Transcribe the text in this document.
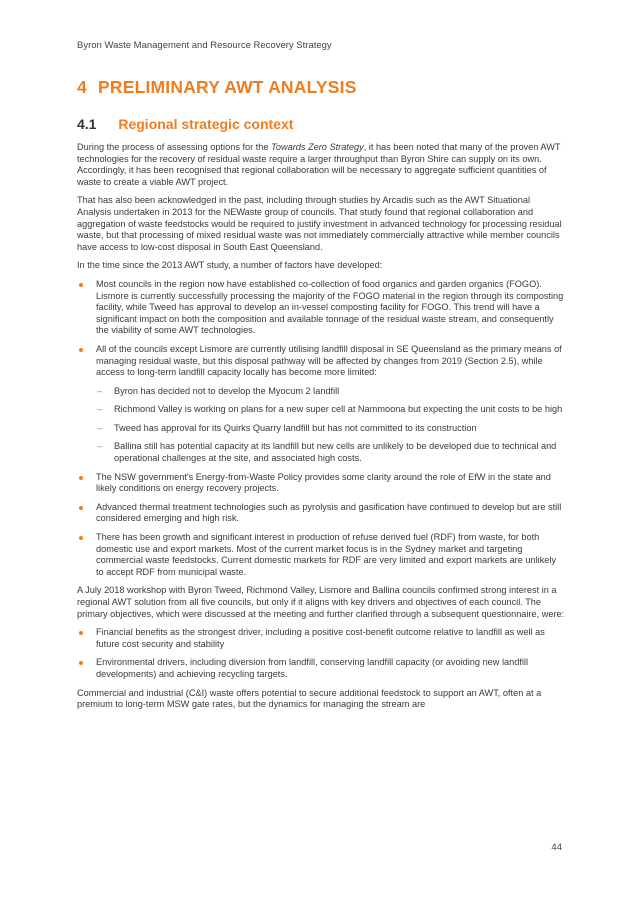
Byron Waste Management and Resource Recovery Strategy
4 PRELIMINARY AWT ANALYSIS
4.1 Regional strategic context

During the process of assessing options for the Towards Zero Strategy, it has been noted that many of the proven AWT technologies for the recovery of residual waste require a larger throughput than Byron Shire can supply on its own. Accordingly, it has been recognised that regional collaboration will be necessary to aggregate sufficient quantities of waste to create a viable AWT project.

That has also been acknowledged in the past, including through studies by Arcadis such as the AWT Situational Analysis undertaken in 2013 for the NEWaste group of councils. That study found that regional collaboration and aggregation of waste feedstocks would be required to justify investment in advanced technology for processing residual waste, but that processing of mixed residual waste was not immediately commercially attractive while member councils have access to low-cost disposal in South East Queensland.

In the time since the 2013 AWT study, a number of factors have developed:

Most councils in the region now have established co-collection of food organics and garden organics (FOGO). Lismore is currently successfully processing the majority of the FOGO material in the region through its composting facility, while Tweed has approval to develop an in-vessel composting facility for FOGO. This trend will have a significant impact on both the composition and available tonnage of the residual waste stream, and consequently the viability of some AWT technologies.
All of the councils except Lismore are currently utilising landfill disposal in SE Queensland as the primary means of managing residual waste, but this disposal pathway will be affected by changes from 2019 (Section 2.5), while access to long-term landfill capacity locally has become more limited:
– Byron has decided not to develop the Myocum 2 landfill
– Richmond Valley is working on plans for a new super cell at Nammoona but expecting the unit costs to be high
– Tweed has approval for its Quirks Quarry landfill but has not committed to its construction
– Ballina still has potential capacity at its landfill but new cells are unlikely to be developed due to technical and operational challenges at the site, and associated high costs.
The NSW government's Energy-from-Waste Policy provides some clarity around the role of EfW in the state and likely conditions on energy recovery projects.
Advanced thermal treatment technologies such as pyrolysis and gasification have continued to develop but are still considered emerging and high risk.
There has been growth and significant interest in production of refuse derived fuel (RDF) from waste, for both domestic use and export markets. Most of the current market focus is in the Sydney market and targeting commercial waste feedstocks. Current domestic markets for RDF are very limited and export markets are unlikely to accept RDF from municipal waste.

A July 2018 workshop with Byron Tweed, Richmond Valley, Lismore and Ballina councils confirmed strong interest in a regional AWT solution from all five councils, but only if it aligns with key drivers and objectives of each council. The primary objectives, which were discussed at the meeting and further clarified through a subsequent questionnaire, were:

Financial benefits as the strongest driver, including a positive cost-benefit outcome relative to landfill as well as future cost security and stability
Environmental drivers, including diversion from landfill, conserving landfill capacity (or avoiding new landfill developments) and achieving recycling targets.

Commercial and industrial (C&I) waste offers potential to secure additional feedstock to support an AWT, often at a premium to long-term MSW gate rates, but the dynamics for managing the stream are

44
